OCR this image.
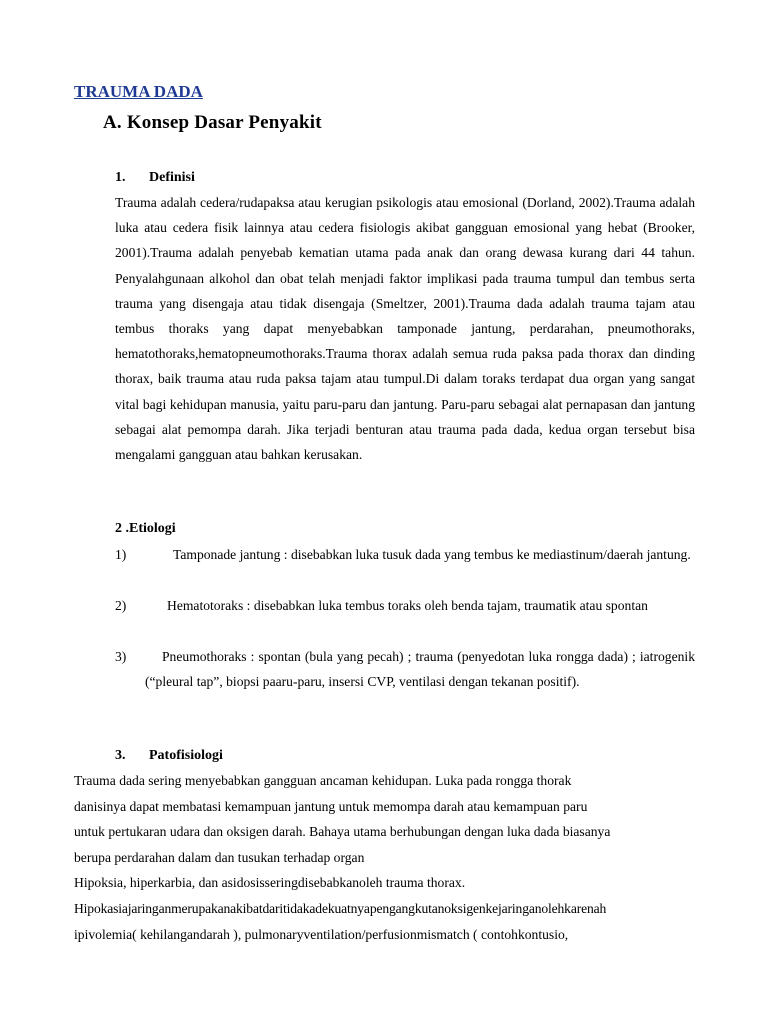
TRAUMA DADA
A. Konsep Dasar Penyakit
1. Definisi

Trauma adalah cedera/rudapaksa atau kerugian psikologis atau emosional (Dorland, 2002).Trauma adalah luka atau cedera fisik lainnya atau cedera fisiologis akibat gangguan emosional yang hebat (Brooker, 2001).Trauma adalah penyebab kematian utama pada anak dan orang dewasa kurang dari 44 tahun. Penyalahgunaan alkohol dan obat telah menjadi faktor implikasi pada trauma tumpul dan tembus serta trauma yang disengaja atau tidak disengaja (Smeltzer, 2001).Trauma dada adalah trauma tajam atau tembus thoraks yang dapat menyebabkan tamponade jantung, perdarahan, pneumothoraks, hematothoraks,hematopneumothoraks.Trauma thorax adalah semua ruda paksa pada thorax dan dinding thorax, baik trauma atau ruda paksa tajam atau tumpul.Di dalam toraks terdapat dua organ yang sangat vital bagi kehidupan manusia, yaitu paru-paru dan jantung. Paru-paru sebagai alat pernapasan dan jantung sebagai alat pemompa darah. Jika terjadi benturan atau trauma pada dada, kedua organ tersebut bisa mengalami gangguan atau bahkan kerusakan.

2 .Etiologi
1)	Tamponade jantung : disebabkan luka tusuk dada yang tembus ke mediastinum/daerah jantung.
2)	Hematotoraks : disebabkan luka tembus toraks oleh benda tajam, traumatik atau spontan
3)	Pneumothoraks : spontan (bula yang pecah) ; trauma (penyedotan luka rongga dada) ; iatrogenik (“pleural tap”, biopsi paaru-paru, insersi CVP, ventilasi dengan tekanan positif).
3. Patofisiologi
Trauma dada sering menyebabkan gangguan ancaman kehidupan. Luka pada rongga thorak
danisinya dapat membatasi kemampuan jantung untuk memompa darah atau kemampuan paru
untuk pertukaran udara dan oksigen darah. Bahaya utama berhubungan dengan luka dada biasanya
berupa perdarahan dalam dan tusukan terhadap organ
Hipoksia, hiperkarbia, dan asidosisseringdisebabkanoleh trauma thorax.
Hipokasiajaringanmerupakanakibatdaritidakadekuatnyapengangkutanoksigenkejaringanolehkarenah
ipivolemia( kehilangandarah ), pulmonaryventilation/perfusionmismatch ( contohkontusio,
